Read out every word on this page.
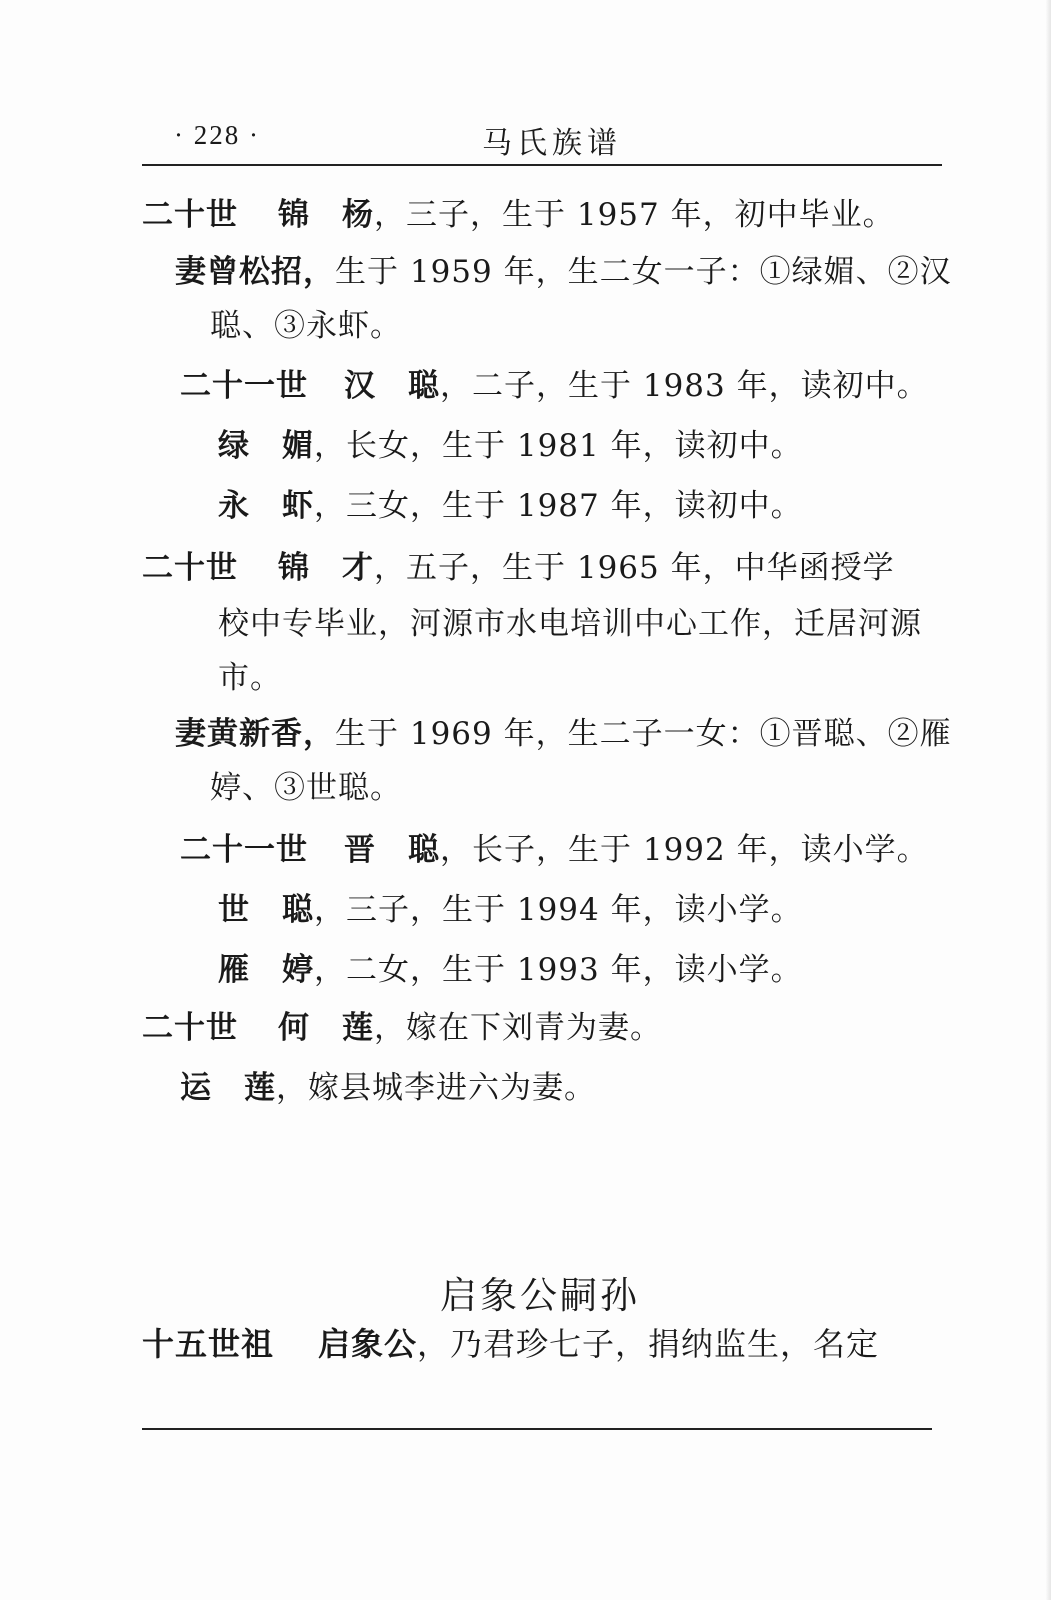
· 228 ·	马氏族谱
二十世 锦　杨，三子，生于 1957 年，初中毕业。
妻曾松招，生于 1959 年，生二女一子：①绿媚、②汉
聪、③永虾。
二十一世 汉　聪，二子，生于 1983 年，读初中。
绿　媚，长女，生于 1981 年，读初中。
永　虾，三女，生于 1987 年，读初中。
二十世 锦　才，五子，生于 1965 年，中华函授学
校中专毕业，河源市水电培训中心工作，迁居河源
市。
妻黄新香，生于 1969 年，生二子一女：①晋聪、②雁
婷、③世聪。
二十一世 晋　聪，长子，生于 1992 年，读小学。
世　聪，三子，生于 1994 年，读小学。
雁　婷，二女，生于 1993 年，读小学。
二十世 何　莲，嫁在下刘青为妻。
运　莲，嫁县城李进六为妻。
启象公嗣孙
十五世祖 启象公，乃君珍七子，捐纳监生，名定
